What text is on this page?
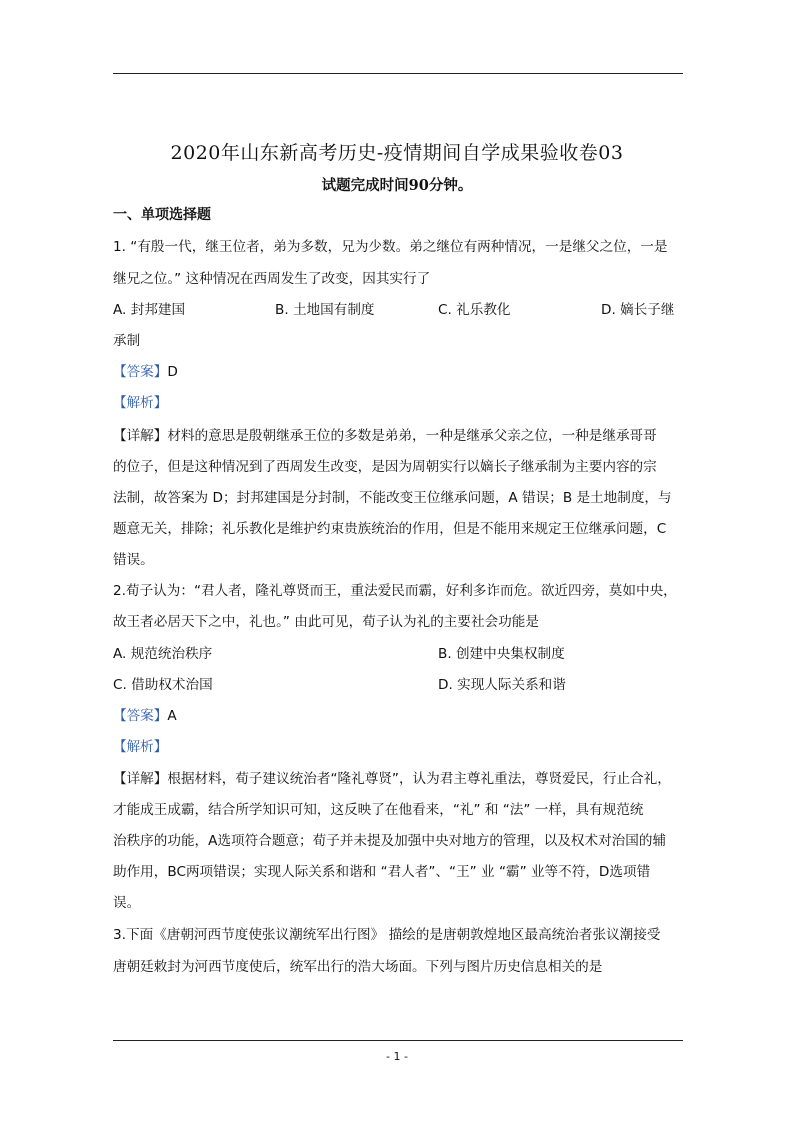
2020年山东新高考历史-疫情期间自学成果验收卷03
试题完成时间90分钟。
一、单项选择题
1. “有殷一代，继王位者，弟为多数，兄为少数。弟之继位有两种情况，一是继父之位，一是
继兄之位。” 这种情况在西周发生了改变，因其实行了
A. 封邦建国	B. 土地国有制度	C. 礼乐教化	D. 嫡长子继
承制
【答案】D
【解析】
【详解】材料的意思是殷朝继承王位的多数是弟弟，一种是继承父亲之位，一种是继承哥哥
的位子，但是这种情况到了西周发生改变，是因为周朝实行以嫡长子继承制为主要内容的宗
法制，故答案为 D；封邦建国是分封制，不能改变王位继承问题，A 错误；B 是土地制度，与
题意无关，排除；礼乐教化是维护约束贵族统治的作用，但是不能用来规定王位继承问题，C
错误。
2.荀子认为：“君人者，隆礼尊贤而王，重法爱民而霸，好利多诈而危。欲近四旁，莫如中央，
故王者必居天下之中，礼也。” 由此可见，荀子认为礼的主要社会功能是
A. 规范统治秩序	B. 创建中央集权制度
C. 借助权术治国	D. 实现人际关系和谐
【答案】A
【解析】
【详解】根据材料，荀子建议统治者“隆礼尊贤”，认为君主尊礼重法，尊贤爱民，行止合礼，
才能成王成霸，结合所学知识可知，这反映了在他看来，“礼” 和 “法” 一样，具有规范统
治秩序的功能，A选项符合题意；荀子并未提及加强中央对地方的管理，以及权术对治国的辅
助作用，BC两项错误；实现人际关系和谐和 “君人者”、“王” 业 “霸” 业等不符，D选项错
误。
3.下面《唐朝河西节度使张议潮统军出行图》 描绘的是唐朝敦煌地区最高统治者张议潮接受
唐朝廷敕封为河西节度使后，统军出行的浩大场面。下列与图片历史信息相关的是
- 1 -
